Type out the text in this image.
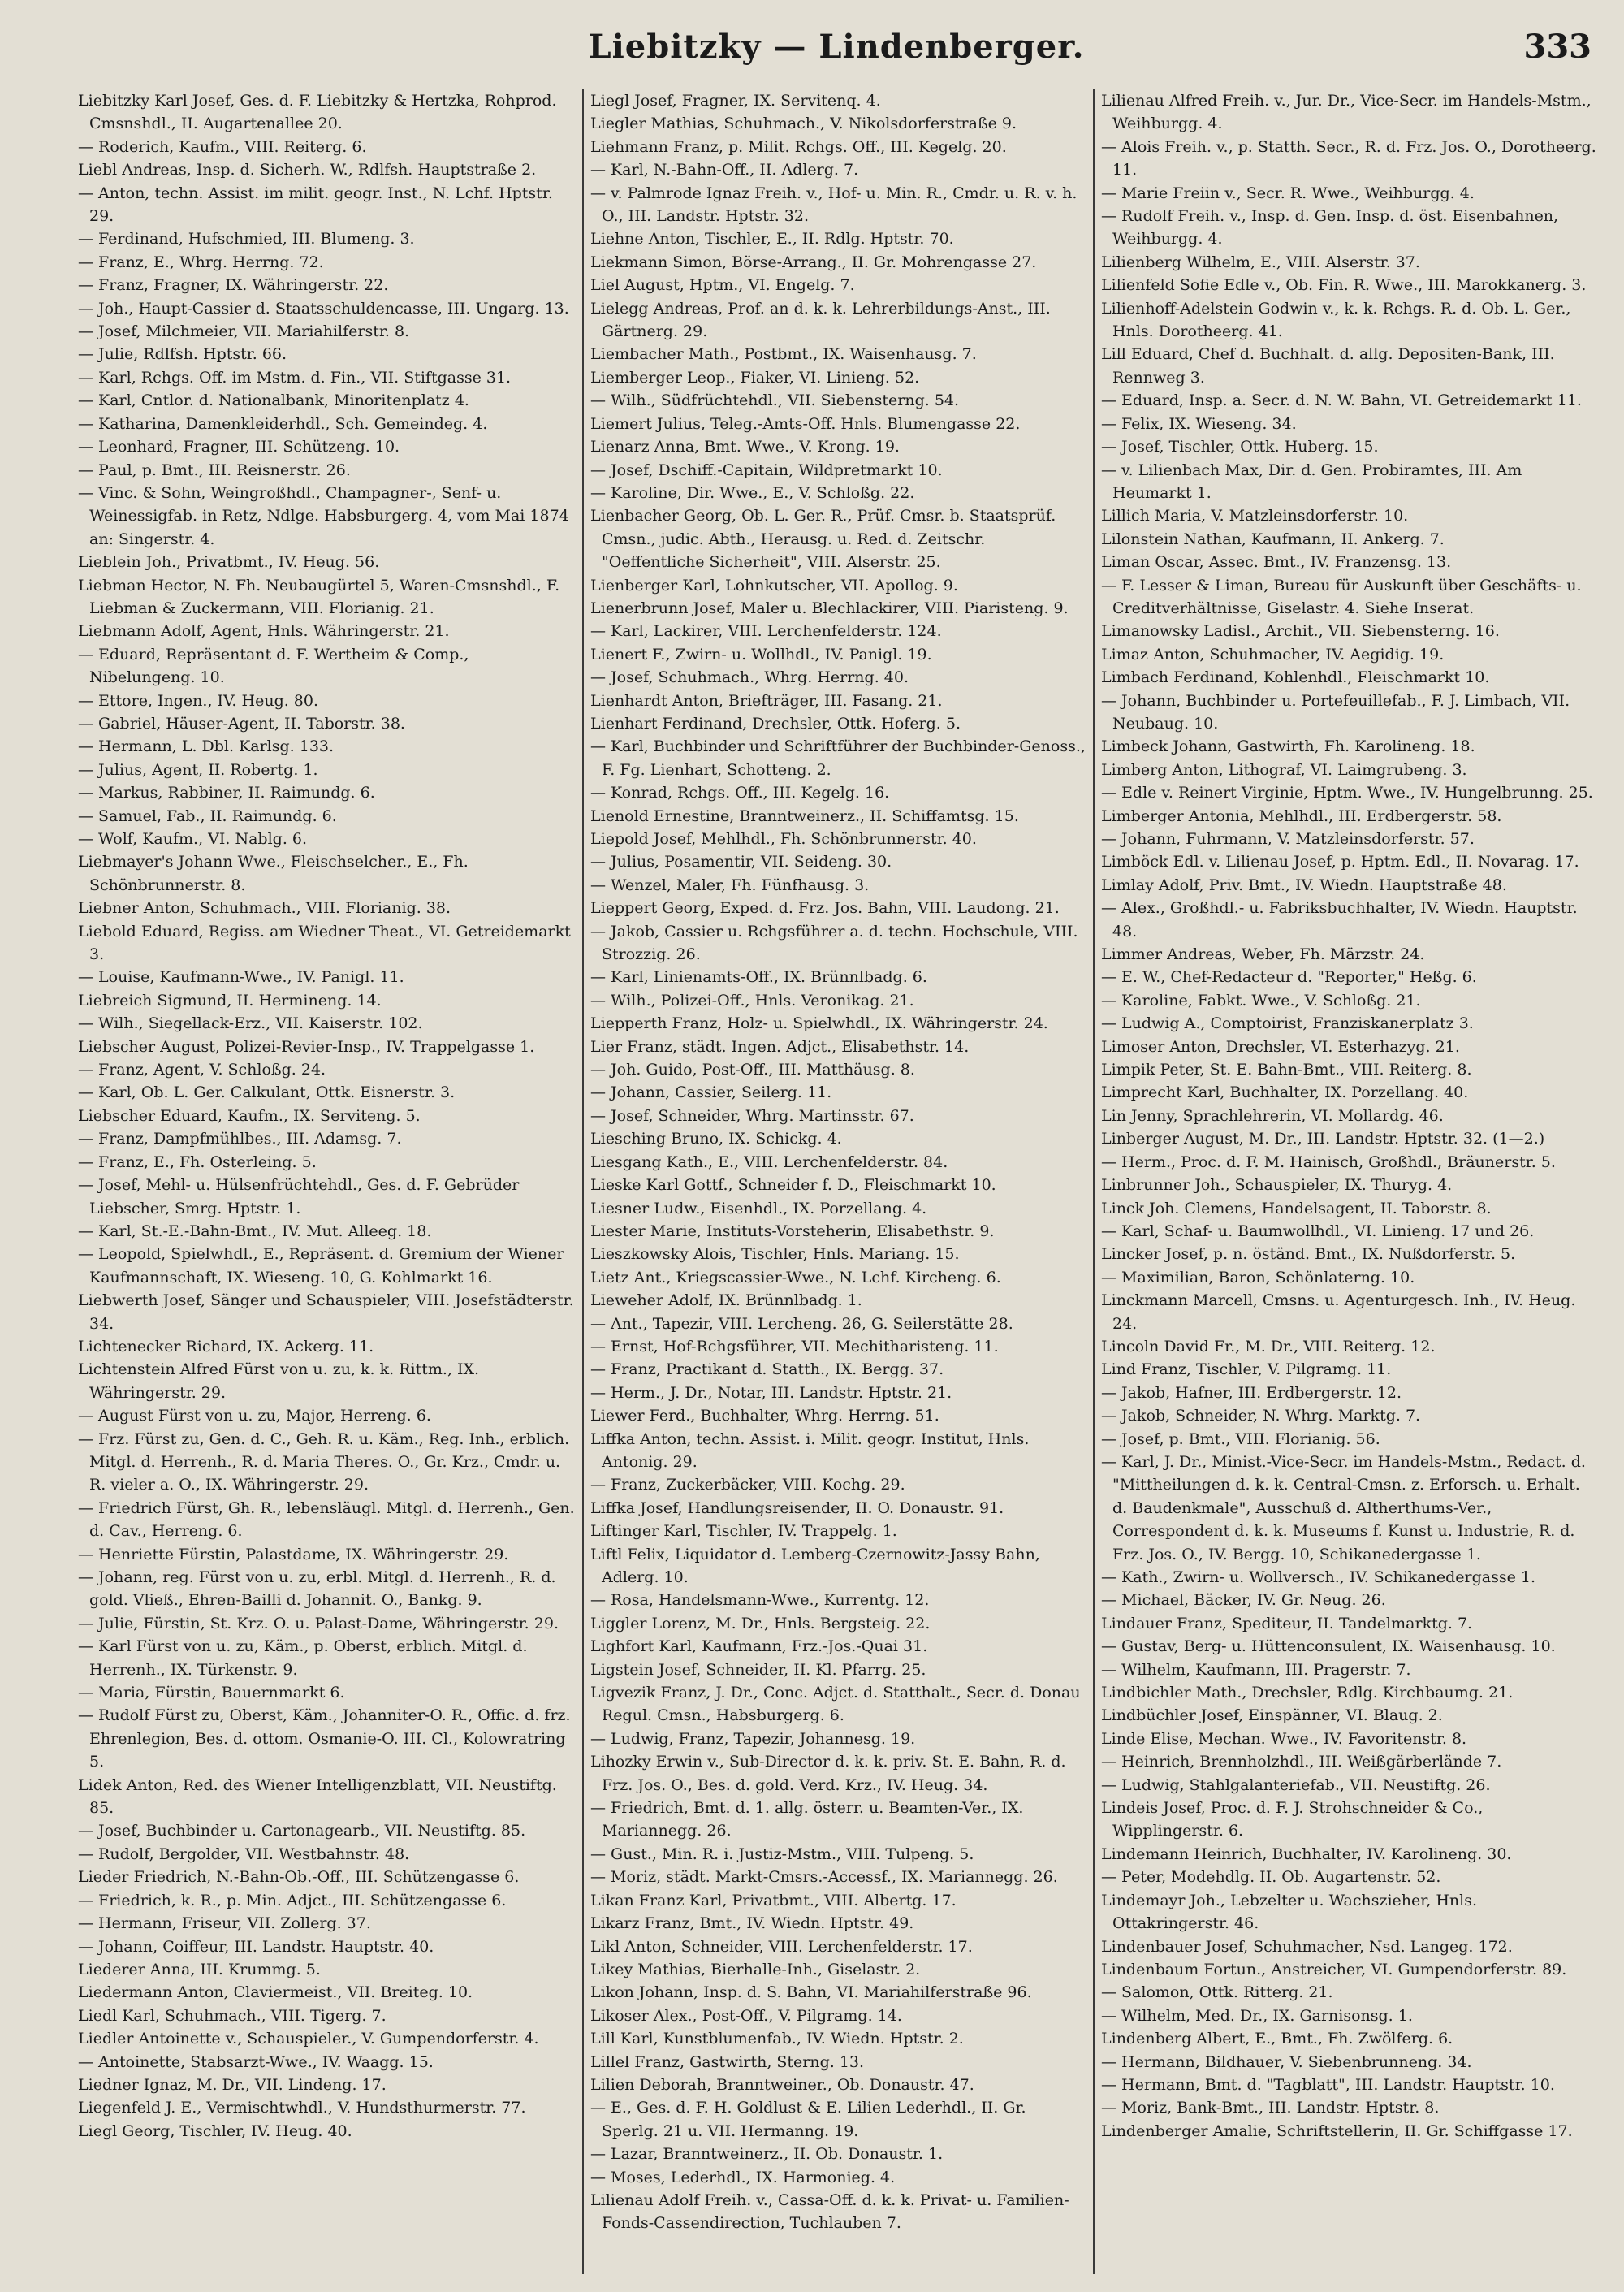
Liebitzky — Lindenberger.	333
Liebitzky Karl Josef, Ges. d. F. Liebitzky & Hertzka, Rohprod. Cmsnshdl., II. Augartenallee 20.
— Roderich, Kaufm., VIII. Reiterg. 6.
Liebl Andreas, Insp. d. Sicherh. W., Rdlfsh. Hauptstraße 2.
— Anton, techn. Assist. im milit. geogr. Inst., N. Lchf. Hptstr. 29.
— Ferdinand, Hufschmied, III. Blumeng. 3.
— Franz, E., Whrg. Herrng. 72.
— Franz, Fragner, IX. Währingerstr. 22.
— Joh., Haupt-Cassier d. Staatsschuldencasse, III. Ungarg. 13.
— Josef, Milchmeier, VII. Mariahilferstr. 8.
— Julie, Rdlfsh. Hptstr. 66.
— Karl, Rchgs. Off. im Mstm. d. Fin., VII. Stiftgasse 31.
— Karl, Cntlor. d. Nationalbank, Minoritenplatz 4.
— Katharina, Damenkleiderhdl., Sch. Gemeindeg. 4.
— Leonhard, Fragner, III. Schützeng. 10.
— Paul, p. Bmt., III. Reisnerstr. 26.
— Vinc. & Sohn, Weingroßhdl., Champagner-, Senf- u. Weinessigfab. in Retz, Ndlge. Habsburgerg. 4, vom Mai 1874 an: Singerstr. 4.
Lieblein Joh., Privatbmt., IV. Heug. 56.
Liebman Hector, N. Fh. Neubaugürtel 5, Waren-Cmsnshdl., F. Liebman & Zuckermann, VIII. Florianig. 21.
Liebmann Adolf, Agent, Hnls. Währingerstr. 21.
— Eduard, Repräsentant d. F. Wertheim & Comp., Nibelungeng. 10.
— Ettore, Ingen., IV. Heug. 80.
— Gabriel, Häuser-Agent, II. Taborstr. 38.
— Hermann, L. Dbl. Karlsg. 133.
— Julius, Agent, II. Robertg. 1.
— Markus, Rabbiner, II. Raimundg. 6.
— Samuel, Fab., II. Raimundg. 6.
— Wolf, Kaufm., VI. Nablg. 6.
Liebmayer's Johann Wwe., Fleischselcher., E., Fh. Schönbrunnerstr. 8.
Liebner Anton, Schuhmach., VIII. Florianig. 38.
Liebold Eduard, Regiss. am Wiedner Theat., VI. Getreidemarkt 3.
— Louise, Kaufmann-Wwe., IV. Panigl. 11.
Liebreich Sigmund, II. Hermineng. 14.
— Wilh., Siegellack-Erz., VII. Kaiserstr. 102.
Liebscher August, Polizei-Revier-Insp., IV. Trappelgasse 1.
— Franz, Agent, V. Schloßg. 24.
— Karl, Ob. L. Ger. Calkulant, Ottk. Eisnerstr. 3.
Liebscher Eduard, Kaufm., IX. Serviteng. 5.
— Franz, Dampfmühlbes., III. Adamsg. 7.
— Franz, E., Fh. Osterleing. 5.
— Josef, Mehl- u. Hülsenfrüchtehdl., Ges. d. F. Gebrüder Liebscher, Smrg. Hptstr. 1.
— Karl, St.-E.-Bahn-Bmt., IV. Mut. Alleeg. 18.
— Leopold, Spielwhdl., E., Repräsent. d. Gremium der Wiener Kaufmannschaft, IX. Wieseng. 10, G. Kohlmarkt 16.
Liebwerth Josef, Sänger und Schauspieler, VIII. Josefstädterstr. 34.
Lichtenecker Richard, IX. Ackerg. 11.
Lichtenstein Alfred Fürst von u. zu, k. k. Rittm., IX. Währingerstr. 29.
— August Fürst von u. zu, Major, Herreng. 6.
— Frz. Fürst zu, Gen. d. C., Geh. R. u. Käm., Reg. Inh., erblich. Mitgl. d. Herrenh., R. d. Maria Theres. O., Gr. Krz., Cmdr. u. R. vieler a. O., IX. Währingerstr. 29.
— Friedrich Fürst, Gh. R., lebensläugl. Mitgl. d. Herrenh., Gen. d. Cav., Herreng. 6.
— Henriette Fürstin, Palastdame, IX. Währingerstr. 29.
— Johann, reg. Fürst von u. zu, erbl. Mitgl. d. Herrenh., R. d. gold. Vließ., Ehren-Bailli d. Johannit. O., Bankg. 9.
— Julie, Fürstin, St. Krz. O. u. Palast-Dame, Währingerstr. 29.
— Karl Fürst von u. zu, Käm., p. Oberst, erblich. Mitgl. d. Herrenh., IX. Türkenstr. 9.
— Maria, Fürstin, Bauernmarkt 6.
— Rudolf Fürst zu, Oberst, Käm., Johanniter-O. R., Offic. d. frz. Ehrenlegion, Bes. d. ottom. Osmanie-O. III. Cl., Kolowratring 5.
Lidek Anton, Red. des Wiener Intelligenzblatt, VII. Neustiftg. 85.
— Josef, Buchbinder u. Cartonagearb., VII. Neustiftg. 85.
— Rudolf, Bergolder, VII. Westbahnstr. 48.
Lieder Friedrich, N.-Bahn-Ob.-Off., III. Schützengasse 6.
— Friedrich, k. R., p. Min. Adjct., III. Schützengasse 6.
— Hermann, Friseur, VII. Zollerg. 37.
— Johann, Coiffeur, III. Landstr. Hauptstr. 40.
Liederer Anna, III. Krummg. 5.
Liedermann Anton, Claviermeist., VII. Breiteg. 10.
Liedl Karl, Schuhmach., VIII. Tigerg. 7.
Liedler Antoinette v., Schauspieler., V. Gumpendorferstr. 4.
— Antoinette, Stabsarzt-Wwe., IV. Waagg. 15.
Liedner Ignaz, M. Dr., VII. Lindeng. 17.
Liegenfeld J. E., Vermischtwhdl., V. Hundsthurmerstr. 77.
Liegl Georg, Tischler, IV. Heug. 40.
Liegl Josef, Fragner, IX. Servitenq. 4.
Liegler Mathias, Schuhmach., V. Nikolsdorferstraße 9.
Liehmann Franz, p. Milit. Rchgs. Off., III. Kegelg. 20.
— Karl, N.-Bahn-Off., II. Adlerg. 7.
— v. Palmrode Ignaz Freih. v., Hof- u. Min. R., Cmdr. u. R. v. h. O., III. Landstr. Hptstr. 32.
Liehne Anton, Tischler, E., II. Rdlg. Hptstr. 70.
Liekmann Simon, Börse-Arrang., II. Gr. Mohrengasse 27.
Liel August, Hptm., VI. Engelg. 7.
Lielegg Andreas, Prof. an d. k. k. Lehrerbildungs-Anst., III. Gärtnerg. 29.
Liembacher Math., Postbmt., IX. Waisenhausg. 7.
Liemberger Leop., Fiaker, VI. Linieng. 52.
— Wilh., Südfrüchtehdl., VII. Siebensterng. 54.
Liemert Julius, Teleg.-Amts-Off. Hnls. Blumengasse 22.
Lienarz Anna, Bmt. Wwe., V. Krong. 19.
— Josef, Dschiff.-Capitain, Wildpretmarkt 10.
— Karoline, Dir. Wwe., E., V. Schloßg. 22.
Lienbacher Georg, Ob. L. Ger. R., Prüf. Cmsr. b. Staatsprüf. Cmsn., judic. Abth., Herausg. u. Red. d. Zeitschr. "Oeffentliche Sicherheit", VIII. Alserstr. 25.
Lienberger Karl, Lohnkutscher, VII. Apollog. 9.
Lienerbrunn Josef, Maler u. Blechlackirer, VIII. Piaristeng. 9.
— Karl, Lackirer, VIII. Lerchenfelderstr. 124.
Lienert F., Zwirn- u. Wollhdl., IV. Panigl. 19.
— Josef, Schuhmach., Whrg. Herrng. 40.
Lienhardt Anton, Briefträger, III. Fasang. 21.
Lienhart Ferdinand, Drechsler, Ottk. Hoferg. 5.
— Karl, Buchbinder und Schriftführer der Buchbinder-Genoss., F. Fg. Lienhart, Schotteng. 2.
— Konrad, Rchgs. Off., III. Kegelg. 16.
Lienold Ernestine, Branntweinerz., II. Schiffamtsg. 15.
Liepold Josef, Mehlhdl., Fh. Schönbrunnerstr. 40.
— Julius, Posamentir, VII. Seideng. 30.
— Wenzel, Maler, Fh. Fünfhausg. 3.
Lieppert Georg, Exped. d. Frz. Jos. Bahn, VIII. Laudong. 21.
— Jakob, Cassier u. Rchgsführer a. d. techn. Hochschule, VIII. Strozzig. 26.
— Karl, Linienamts-Off., IX. Brünnlbadg. 6.
— Wilh., Polizei-Off., Hnls. Veronikag. 21.
Liepperth Franz, Holz- u. Spielwhdl., IX. Währingerstr. 24.
Lier Franz, städt. Ingen. Adjct., Elisabethstr. 14.
— Joh. Guido, Post-Off., III. Matthäusg. 8.
— Johann, Cassier, Seilerg. 11.
— Josef, Schneider, Whrg. Martinsstr. 67.
Liesching Bruno, IX. Schickg. 4.
Liesgang Kath., E., VIII. Lerchenfelderstr. 84.
Lieske Karl Gottf., Schneider f. D., Fleischmarkt 10.
Liesner Ludw., Eisenhdl., IX. Porzellang. 4.
Liester Marie, Instituts-Vorsteherin, Elisabethstr. 9.
Lieszkowsky Alois, Tischler, Hnls. Mariang. 15.
Lietz Ant., Kriegscassier-Wwe., N. Lchf. Kircheng. 6.
Lieweher Adolf, IX. Brünnlbadg. 1.
— Ant., Tapezir, VIII. Lercheng. 26, G. Seilerstätte 28.
— Ernst, Hof-Rchgsführer, VII. Mechitharisteng. 11.
— Franz, Practikant d. Statth., IX. Bergg. 37.
— Herm., J. Dr., Notar, III. Landstr. Hptstr. 21.
Liewer Ferd., Buchhalter, Whrg. Herrng. 51.
Liffka Anton, techn. Assist. i. Milit. geogr. Institut, Hnls. Antonig. 29.
— Franz, Zuckerbäcker, VIII. Kochg. 29.
Liffka Josef, Handlungsreisender, II. O. Donaustr. 91.
Liftinger Karl, Tischler, IV. Trappelg. 1.
Liftl Felix, Liquidator d. Lemberg-Czernowitz-Jassy Bahn, Adlerg. 10.
— Rosa, Handelsmann-Wwe., Kurrentg. 12.
Liggler Lorenz, M. Dr., Hnls. Bergsteig. 22.
Lighfort Karl, Kaufmann, Frz.-Jos.-Quai 31.
Ligstein Josef, Schneider, II. Kl. Pfarrg. 25.
Ligvezik Franz, J. Dr., Conc. Adjct. d. Statthalt., Secr. d. Donau Regul. Cmsn., Habsburgerg. 6.
— Ludwig, Franz, Tapezir, Johannesg. 19.
Lihozky Erwin v., Sub-Director d. k. k. priv. St. E. Bahn, R. d. Frz. Jos. O., Bes. d. gold. Verd. Krz., IV. Heug. 34.
— Friedrich, Bmt. d. 1. allg. österr. u. Beamten-Ver., IX. Mariannegg. 26.
— Gust., Min. R. i. Justiz-Mstm., VIII. Tulpeng. 5.
— Moriz, städt. Markt-Cmsrs.-Accessf., IX. Mariannegg. 26.
Likan Franz Karl, Privatbmt., VIII. Albertg. 17.
Likarz Franz, Bmt., IV. Wiedn. Hptstr. 49.
Likl Anton, Schneider, VIII. Lerchenfelderstr. 17.
Likey Mathias, Bierhalle-Inh., Giselastr. 2.
Likon Johann, Insp. d. S. Bahn, VI. Mariahilferstraße 96.
Likoser Alex., Post-Off., V. Pilgramg. 14.
Lill Karl, Kunstblumenfab., IV. Wiedn. Hptstr. 2.
Lillel Franz, Gastwirth, Sterng. 13.
Lilien Deborah, Branntweiner., Ob. Donaustr. 47.
— E., Ges. d. F. H. Goldlust & E. Lilien Lederhdl., II. Gr. Sperlg. 21 u. VII. Hermanng. 19.
— Lazar, Branntweinerz., II. Ob. Donaustr. 1.
— Moses, Lederhdl., IX. Harmonieg. 4.
Lilienau Adolf Freih. v., Cassa-Off. d. k. k. Privat- u. Familien-Fonds-Cassendirection, Tuchlauben 7.
Lilienau Alfred Freih. v., Jur. Dr., Vice-Secr. im Handels-Mstm., Weihburgg. 4.
— Alois Freih. v., p. Statth. Secr., R. d. Frz. Jos. O., Dorotheerg. 11.
— Marie Freiin v., Secr. R. Wwe., Weihburgg. 4.
— Rudolf Freih. v., Insp. d. Gen. Insp. d. öst. Eisenbahnen, Weihburgg. 4.
Lilienberg Wilhelm, E., VIII. Alserstr. 37.
Lilienfeld Sofie Edle v., Ob. Fin. R. Wwe., III. Marokkanerg. 3.
Lilienhoff-Adelstein Godwin v., k. k. Rchgs. R. d. Ob. L. Ger., Hnls. Dorotheerg. 41.
Lill Eduard, Chef d. Buchhalt. d. allg. Depositen-Bank, III. Rennweg 3.
— Eduard, Insp. a. Secr. d. N. W. Bahn, VI. Getreidemarkt 11.
— Felix, IX. Wieseng. 34.
— Josef, Tischler, Ottk. Huberg. 15.
— v. Lilienbach Max, Dir. d. Gen. Probiramtes, III. Am Heumarkt 1.
Lillich Maria, V. Matzleinsdorferstr. 10.
Lilonstein Nathan, Kaufmann, II. Ankerg. 7.
Liman Oscar, Assec. Bmt., IV. Franzensg. 13.
— F. Lesser & Liman, Bureau für Auskunft über Geschäfts- u. Creditverhältnisse, Giselastr. 4. Siehe Inserat.
Limanowsky Ladisl., Archit., VII. Siebensterng. 16.
Limaz Anton, Schuhmacher, IV. Aegidig. 19.
Limbach Ferdinand, Kohlenhdl., Fleischmarkt 10.
— Johann, Buchbinder u. Portefeuillefab., F. J. Limbach, VII. Neubaug. 10.
Limbeck Johann, Gastwirth, Fh. Karolineng. 18.
Limberg Anton, Lithograf, VI. Laimgrubeng. 3.
— Edle v. Reinert Virginie, Hptm. Wwe., IV. Hungelbrunng. 25.
Limberger Antonia, Mehlhdl., III. Erdbergerstr. 58.
— Johann, Fuhrmann, V. Matzleinsdorferstr. 57.
Limböck Edl. v. Lilienau Josef, p. Hptm. Edl., II. Novarag. 17.
Limlay Adolf, Priv. Bmt., IV. Wiedn. Hauptstraße 48.
— Alex., Großhdl.- u. Fabriksbuchhalter, IV. Wiedn. Hauptstr. 48.
Limmer Andreas, Weber, Fh. Märzstr. 24.
— E. W., Chef-Redacteur d. "Reporter," Heßg. 6.
— Karoline, Fabkt. Wwe., V. Schloßg. 21.
— Ludwig A., Comptoirist, Franziskanerplatz 3.
Limoser Anton, Drechsler, VI. Esterhazyg. 21.
Limpik Peter, St. E. Bahn-Bmt., VIII. Reiterg. 8.
Limprecht Karl, Buchhalter, IX. Porzellang. 40.
Lin Jenny, Sprachlehrerin, VI. Mollardg. 46.
Linberger August, M. Dr., III. Landstr. Hptstr. 32. (1—2.)
— Herm., Proc. d. F. M. Hainisch, Großhdl., Bräunerstr. 5.
Linbrunner Joh., Schauspieler, IX. Thuryg. 4.
Linck Joh. Clemens, Handelsagent, II. Taborstr. 8.
— Karl, Schaf- u. Baumwollhdl., VI. Linieng. 17 und 26.
Lincker Josef, p. n. öständ. Bmt., IX. Nußdorferstr. 5.
— Maximilian, Baron, Schönlaterng. 10.
Linckmann Marcell, Cmsns. u. Agenturgesch. Inh., IV. Heug. 24.
Lincoln David Fr., M. Dr., VIII. Reiterg. 12.
Lind Franz, Tischler, V. Pilgramg. 11.
— Jakob, Hafner, III. Erdbergerstr. 12.
— Jakob, Schneider, N. Whrg. Marktg. 7.
— Josef, p. Bmt., VIII. Florianig. 56.
— Karl, J. Dr., Minist.-Vice-Secr. im Handels-Mstm., Redact. d. "Mittheilungen d. k. k. Central-Cmsn. z. Erforsch. u. Erhalt. d. Baudenkmale", Ausschuß d. Altherthums-Ver., Correspondent d. k. k. Museums f. Kunst u. Industrie, R. d. Frz. Jos. O., IV. Bergg. 10, Schikanedergasse 1.
— Kath., Zwirn- u. Wollversch., IV. Schikanedergasse 1.
— Michael, Bäcker, IV. Gr. Neug. 26.
Lindauer Franz, Spediteur, II. Tandelmarktg. 7.
— Gustav, Berg- u. Hüttenconsulent, IX. Waisenhausg. 10.
— Wilhelm, Kaufmann, III. Pragerstr. 7.
Lindbichler Math., Drechsler, Rdlg. Kirchbaumg. 21.
Lindbüchler Josef, Einspänner, VI. Blaug. 2.
Linde Elise, Mechan. Wwe., IV. Favoritenstr. 8.
— Heinrich, Brennholzhdl., III. Weißgärberlände 7.
— Ludwig, Stahlgalanteriefab., VII. Neustiftg. 26.
Lindeis Josef, Proc. d. F. J. Strohschneider & Co., Wipplingerstr. 6.
Lindemann Heinrich, Buchhalter, IV. Karolineng. 30.
— Peter, Modehdlg. II. Ob. Augartenstr. 52.
Lindemayr Joh., Lebzelter u. Wachszieher, Hnls. Ottakringerstr. 46.
Lindenbauer Josef, Schuhmacher, Nsd. Langeg. 172.
Lindenbaum Fortun., Anstreicher, VI. Gumpendorferstr. 89.
— Salomon, Ottk. Ritterg. 21.
— Wilhelm, Med. Dr., IX. Garnisonsg. 1.
Lindenberg Albert, E., Bmt., Fh. Zwölferg. 6.
— Hermann, Bildhauer, V. Siebenbrunneng. 34.
— Hermann, Bmt. d. "Tagblatt", III. Landstr. Hauptstr. 10.
— Moriz, Bank-Bmt., III. Landstr. Hptstr. 8.
Lindenberger Amalie, Schriftstellerin, II. Gr. Schiffgasse 17.
